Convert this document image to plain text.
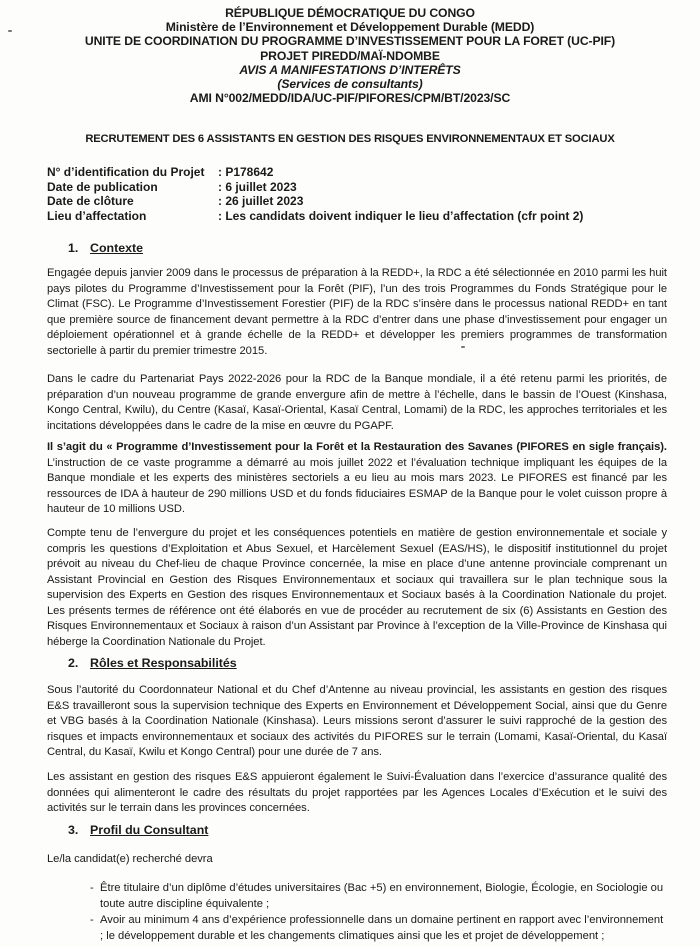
RÉPUBLIQUE DÉMOCRATIQUE DU CONGO
Ministère de l’Environnement et Développement Durable (MEDD)
UNITE DE COORDINATION DU PROGRAMME D’INVESTISSEMENT POUR LA FORET (UC-PIF)
PROJET PIREDD/MAÏ-NDOMBE
AVIS A MANIFESTATIONS D’INTERÊTS
(Services de consultants)
AMI N°002/MEDD/IDA/UC-PIF/PIFORES/CPM/BT/2023/SC
RECRUTEMENT DES 6 ASSISTANTS EN GESTION DES RISQUES ENVIRONNEMENTAUX ET SOCIAUX
N° d’identification du Projet	: P178642
Date de publication	: 6 juillet 2023
Date de clôture	: 26 juillet 2023
Lieu d’affectation	: Les candidats doivent indiquer le lieu d’affectation (cfr point 2)
1. Contexte
Engagée depuis janvier 2009 dans le processus de préparation à la REDD+, la RDC a été sélectionnée en 2010 parmi les huit pays pilotes du Programme d’Investissement pour la Forêt (PIF), l’un des trois Programmes du Fonds Stratégique pour le Climat (FSC). Le Programme d’Investissement Forestier (PIF) de la RDC s’insère dans le processus national REDD+ en tant que première source de financement devant permettre à la RDC d’entrer dans une phase d’investissement pour engager un déploiement opérationnel et à grande échelle de la REDD+ et développer les premiers programmes de transformation sectorielle à partir du premier trimestre 2015.
Dans le cadre du Partenariat Pays 2022-2026 pour la RDC de la Banque mondiale, il a été retenu parmi les priorités, de préparation d’un nouveau programme de grande envergure afin de mettre à l’échelle, dans le bassin de l’Ouest (Kinshasa, Kongo Central, Kwilu), du Centre (Kasaï, Kasaï-Oriental, Kasaï Central, Lomami) de la RDC, les approches territoriales et les incitations développées dans le cadre de la mise en œuvre du PGAPF.
Il s’agit du « Programme d’Investissement pour la Forêt et la Restauration des Savanes (PIFORES en sigle français). L’instruction de ce vaste programme a démarré au mois juillet 2022 et l’évaluation technique impliquant les équipes de la Banque mondiale et les experts des ministères sectoriels a eu lieu au mois mars 2023. Le PIFORES est financé par les ressources de IDA à hauteur de 290 millions USD et du fonds fiduciaires ESMAP de la Banque pour le volet cuisson propre à hauteur de 10 millions USD.
Compte tenu de l’envergure du projet et les conséquences potentiels en matière de gestion environnementale et sociale y compris les questions d’Exploitation et Abus Sexuel, et Harcèlement Sexuel (EAS/HS), le dispositif institutionnel du projet prévoit au niveau du Chef-lieu de chaque Province concernée, la mise en place d’une antenne provinciale comprenant un Assistant Provincial en Gestion des Risques Environnementaux et sociaux qui travaillera sur le plan technique sous la supervision des Experts en Gestion des risques Environnementaux et Sociaux basés à la Coordination Nationale du projet. Les présents termes de référence ont été élaborés en vue de procéder au recrutement de six (6) Assistants en Gestion des Risques Environnementaux et Sociaux à raison d’un Assistant par Province à l’exception de la Ville-Province de Kinshasa qui héberge la Coordination Nationale du Projet.
2. Rôles et Responsabilités
Sous l’autorité du Coordonnateur National et du Chef d’Antenne au niveau provincial, les assistants en gestion des risques E&S travailleront sous la supervision technique des Experts en Environnement et Développement Social, ainsi que du Genre et VBG basés à la Coordination Nationale (Kinshasa). Leurs missions seront d’assurer le suivi rapproché de la gestion des risques et impacts environnementaux et sociaux des activités du PIFORES sur le terrain (Lomami, Kasaï-Oriental, du Kasaï Central, du Kasaï, Kwilu et Kongo Central) pour une durée de 7 ans.
Les assistant en gestion des risques E&S appuieront également le Suivi-Évaluation dans l’exercice d’assurance qualité des données qui alimenteront le cadre des résultats du projet rapportées par les Agences Locales d’Exécution et le suivi des activités sur le terrain dans les provinces concernées.
3. Profil du Consultant
Le/la candidat(e) recherché devra
- Être titulaire d’un diplôme d’études universitaires (Bac +5) en environnement, Biologie, Écologie, en Sociologie ou toute autre discipline équivalente ;
- Avoir au minimum 4 ans d’expérience professionnelle dans un domaine pertinent en rapport avec l’environnement ; le développement durable et les changements climatiques ainsi que les et projet de développement ;
